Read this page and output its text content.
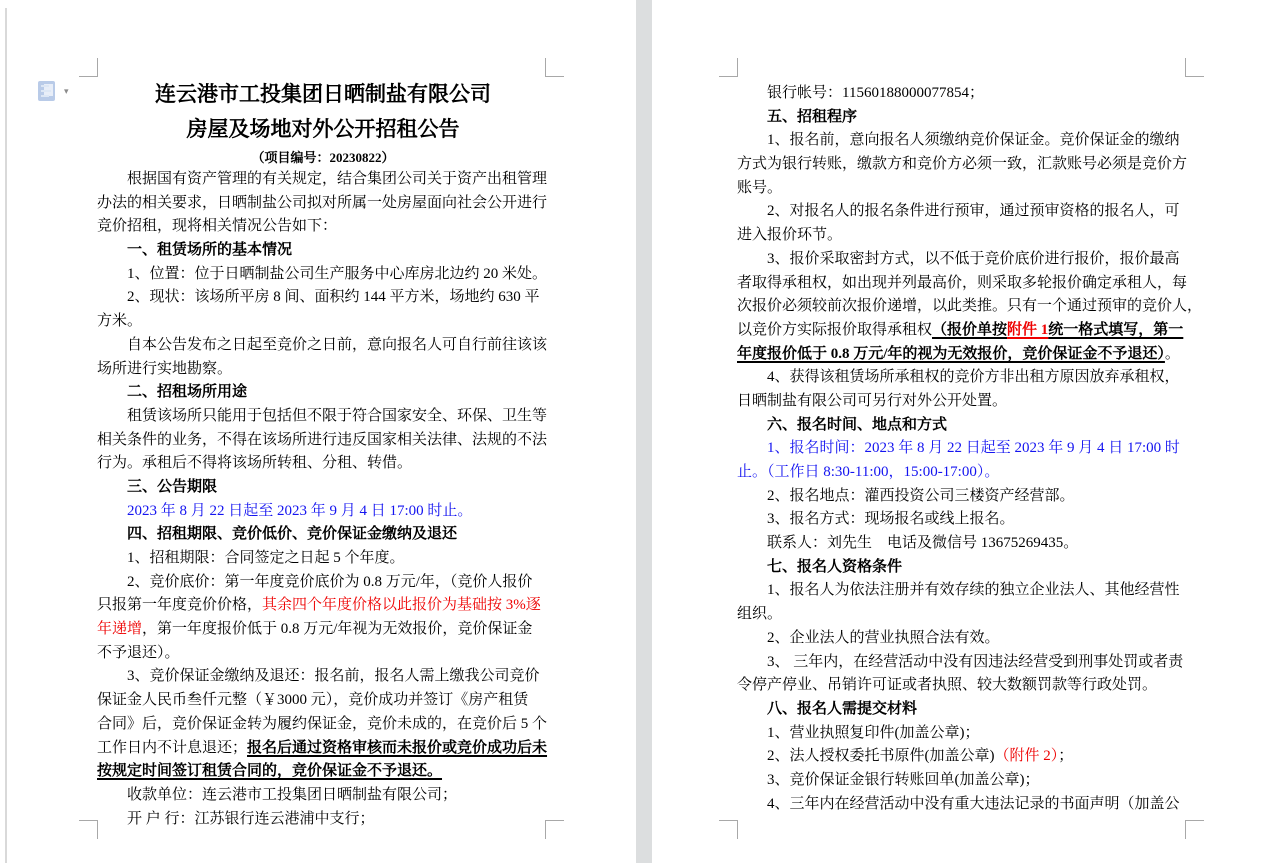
▾	连云港市工投集团日晒制盐有限公司
房屋及场地对外公开招租公告
（项目编号：20230822）
根据国有资产管理的有关规定，结合集团公司关于资产出租管理
办法的相关要求，日晒制盐公司拟对所属一处房屋面向社会公开进行
竞价招租，现将相关情况公告如下：
一、租赁场所的基本情况
1、位置：位于日晒制盐公司生产服务中心库房北边约 20 米处。
2、现状：该场所平房 8 间、面积约 144 平方米，场地约 630 平
方米。
自本公告发布之日起至竞价之日前，意向报名人可自行前往该该
场所进行实地勘察。
二、招租场所用途
租赁该场所只能用于包括但不限于符合国家安全、环保、卫生等
相关条件的业务，不得在该场所进行违反国家相关法律、法规的不法
行为。承租后不得将该场所转租、分租、转借。
三、公告期限
2023 年 8 月 22 日起至 2023 年 9 月 4 日 17:00 时止。
四、招租期限、竞价低价、竞价保证金缴纳及退还
1、招租期限：合同签定之日起 5 个年度。
2、竞价底价：第一年度竞价底价为 0.8 万元/年，（竞价人报价
只报第一年度竞价价格，其余四个年度价格以此报价为基础按 3%逐
年递增，第一年度报价低于 0.8 万元/年视为无效报价，竞价保证金
不予退还）。
3、竞价保证金缴纳及退还：报名前，报名人需上缴我公司竞价
保证金人民币叁仟元整（￥3000 元），竞价成功并签订《房产租赁
合同》后，竞价保证金转为履约保证金，竞价未成的，在竞价后 5 个
工作日内不计息退还；报名后通过资格审核而未报价或竞价成功后未
按规定时间签订租赁合同的，竞价保证金不予退还。
收款单位：连云港市工投集团日晒制盐有限公司；
开 户 行：江苏银行连云港浦中支行；
银行帐号：11560188000077854；
五、招租程序
1、报名前，意向报名人须缴纳竞价保证金。竞价保证金的缴纳
方式为银行转账，缴款方和竞价方必须一致，汇款账号必须是竞价方
账号。
2、对报名人的报名条件进行预审，通过预审资格的报名人，可
进入报价环节。
3、报价采取密封方式，以不低于竞价底价进行报价，报价最高
者取得承租权，如出现并列最高价，则采取多轮报价确定承租人，每
次报价必须较前次报价递增，以此类推。只有一个通过预审的竞价人，
以竞价方实际报价取得承租权（报价单按附件 1统一格式填写，第一
年度报价低于 0.8 万元/年的视为无效报价，竞价保证金不予退还）。
4、获得该租赁场所承租权的竞价方非出租方原因放弃承租权，
日晒制盐有限公司可另行对外公开处置。
六、报名时间、地点和方式
1、报名时间：2023 年 8 月 22 日起至 2023 年 9 月 4 日 17:00 时
止。（工作日 8:30-11:00，15:00-17:00）。
2、报名地点：灌西投资公司三楼资产经营部。
3、报名方式：现场报名或线上报名。
联系人：刘先生　电话及微信号 13675269435。
七、报名人资格条件
1、报名人为依法注册并有效存续的独立企业法人、其他经营性
组织。
2、企业法人的营业执照合法有效。
3、 三年内，在经营活动中没有因违法经营受到刑事处罚或者责
令停产停业、吊销许可证或者执照、较大数额罚款等行政处罚。
八、报名人需提交材料
1、营业执照复印件(加盖公章)；
2、法人授权委托书原件(加盖公章)（附件 2）；
3、竞价保证金银行转账回单(加盖公章)；
4、三年内在经营活动中没有重大违法记录的书面声明（加盖公
